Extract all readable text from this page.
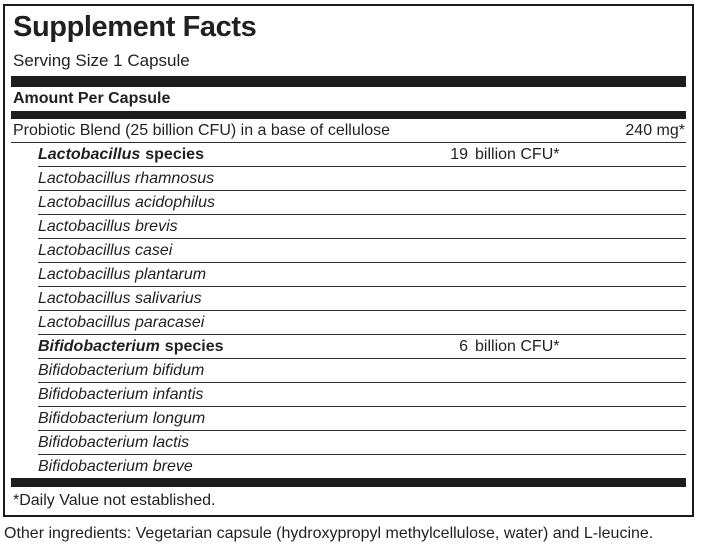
Supplement Facts
Serving Size 1 Capsule
Amount Per Capsule
Probiotic Blend (25 billion CFU) in a base of cellulose	240 mg*
Lactobacillus species	19 billion CFU*
Lactobacillus rhamnosus
Lactobacillus acidophilus
Lactobacillus brevis
Lactobacillus casei
Lactobacillus plantarum
Lactobacillus salivarius
Lactobacillus paracasei
Bifidobacterium species	6 billion CFU*
Bifidobacterium bifidum
Bifidobacterium infantis
Bifidobacterium longum
Bifidobacterium lactis
Bifidobacterium breve
*Daily Value not established.
Other ingredients: Vegetarian capsule (hydroxypropyl methylcellulose, water) and L-leucine.
